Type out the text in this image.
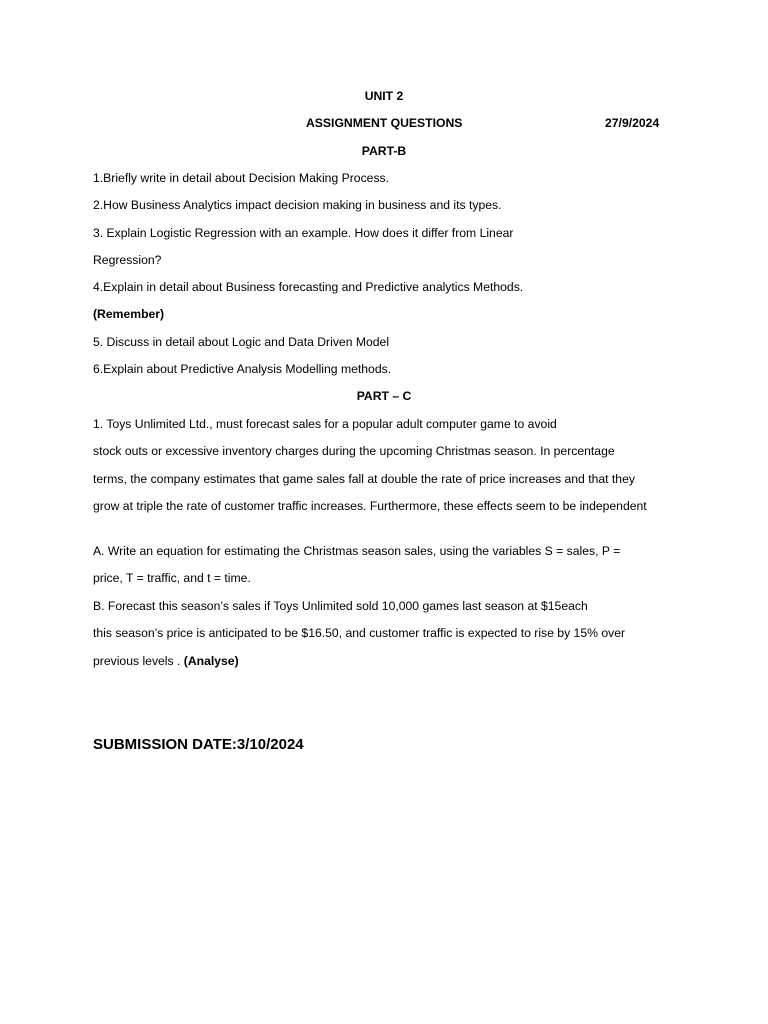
UNIT 2
ASSIGNMENT QUESTIONS	27/9/2024
PART-B
1.Briefly write in detail about Decision Making Process.
2.How Business Analytics impact decision making in business and its types.
3. Explain Logistic Regression with an example. How does it differ from Linear
Regression?
4.Explain in detail about Business forecasting and Predictive analytics Methods.
(Remember)
5. Discuss in detail about Logic and Data Driven Model
6.Explain about Predictive Analysis Modelling methods.
PART – C
1. Toys Unlimited Ltd., must forecast sales for a popular adult computer game to avoid
stock outs or excessive inventory charges during the upcoming Christmas season. In percentage
terms, the company estimates that game sales fall at double the rate of price increases and that they
grow at triple the rate of customer traffic increases. Furthermore, these effects seem to be independent
A. Write an equation for estimating the Christmas season sales, using the variables S = sales, P =
price, T = traffic, and t = time.
B. Forecast this season’s sales if Toys Unlimited sold 10,000 games last season at $15each
this season’s price is anticipated to be $16.50, and customer traffic is expected to rise by 15% over
previous levels . (Analyse)
SUBMISSION DATE:3/10/2024
